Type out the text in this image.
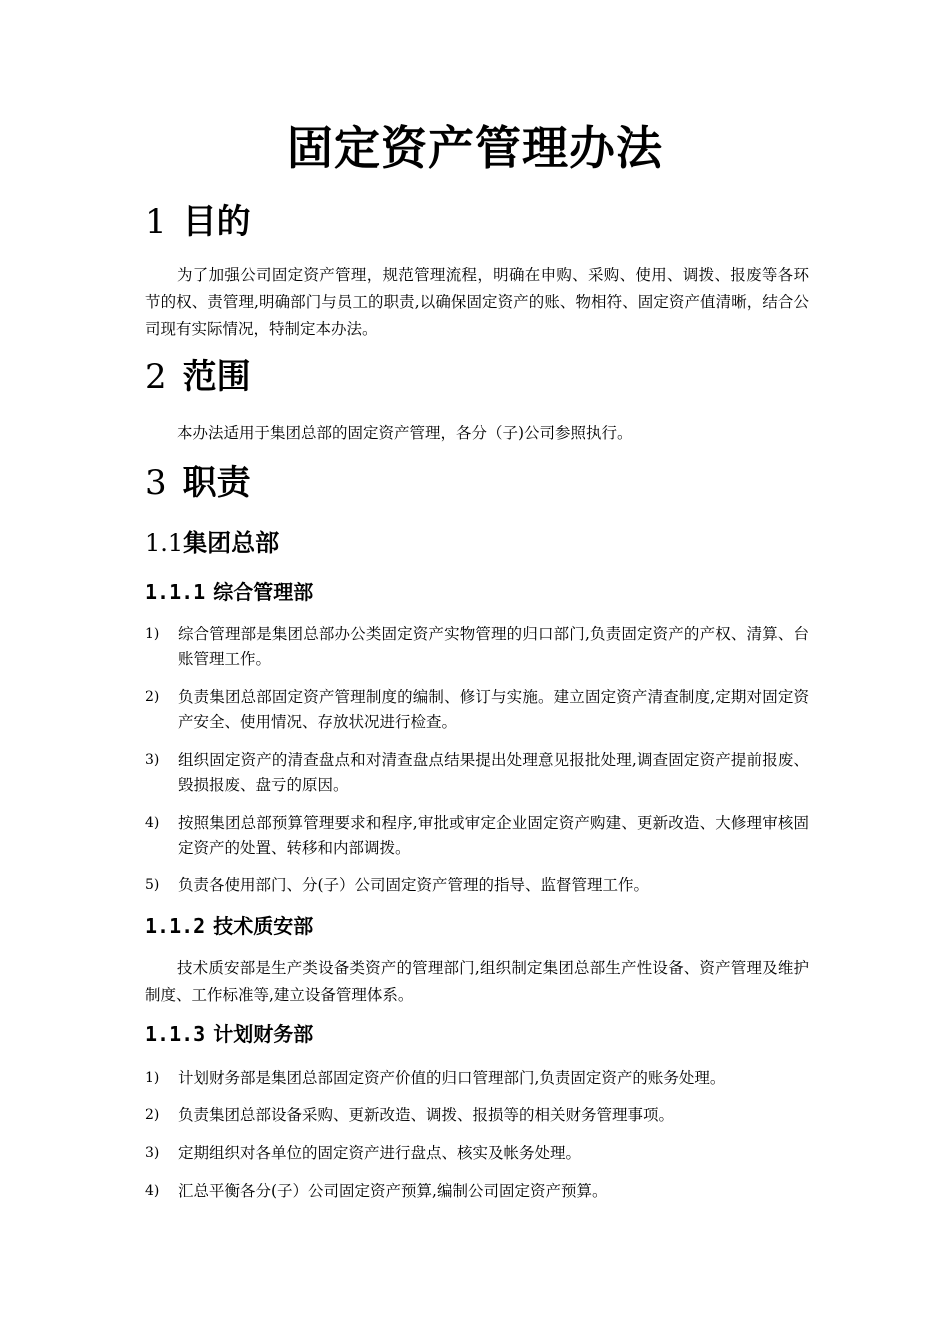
固定资产管理办法
1 目的
为了加强公司固定资产管理，规范管理流程，明确在申购、采购、使用、调拨、报废等各环节的权、责管理,明确部门与员工的职责,以确保固定资产的账、物相符、固定资产值清晰，结合公司现有实际情况，特制定本办法。
2 范围
本办法适用于集团总部的固定资产管理，各分（子)公司参照执行。
3 职责
1.1集团总部
1.1.1 综合管理部
1)	综合管理部是集团总部办公类固定资产实物管理的归口部门,负责固定资产的产权、清算、台账管理工作。
2)	负责集团总部固定资产管理制度的编制、修订与实施。建立固定资产清查制度,定期对固定资产安全、使用情况、存放状况进行检查。
3)	组织固定资产的清查盘点和对清查盘点结果提出处理意见报批处理,调查固定资产提前报废、毁损报废、盘亏的原因。
4)	按照集团总部预算管理要求和程序,审批或审定企业固定资产购建、更新改造、大修理审核固定资产的处置、转移和内部调拨。
5)	负责各使用部门、分(子）公司固定资产管理的指导、监督管理工作。
1.1.2 技术质安部
技术质安部是生产类设备类资产的管理部门,组织制定集团总部生产性设备、资产管理及维护制度、工作标准等,建立设备管理体系。
1.1.3 计划财务部
1)	计划财务部是集团总部固定资产价值的归口管理部门,负责固定资产的账务处理。
2)	负责集团总部设备采购、更新改造、调拨、报损等的相关财务管理事项。
3)	定期组织对各单位的固定资产进行盘点、核实及帐务处理。
4)	汇总平衡各分(子）公司固定资产预算,编制公司固定资产预算。
